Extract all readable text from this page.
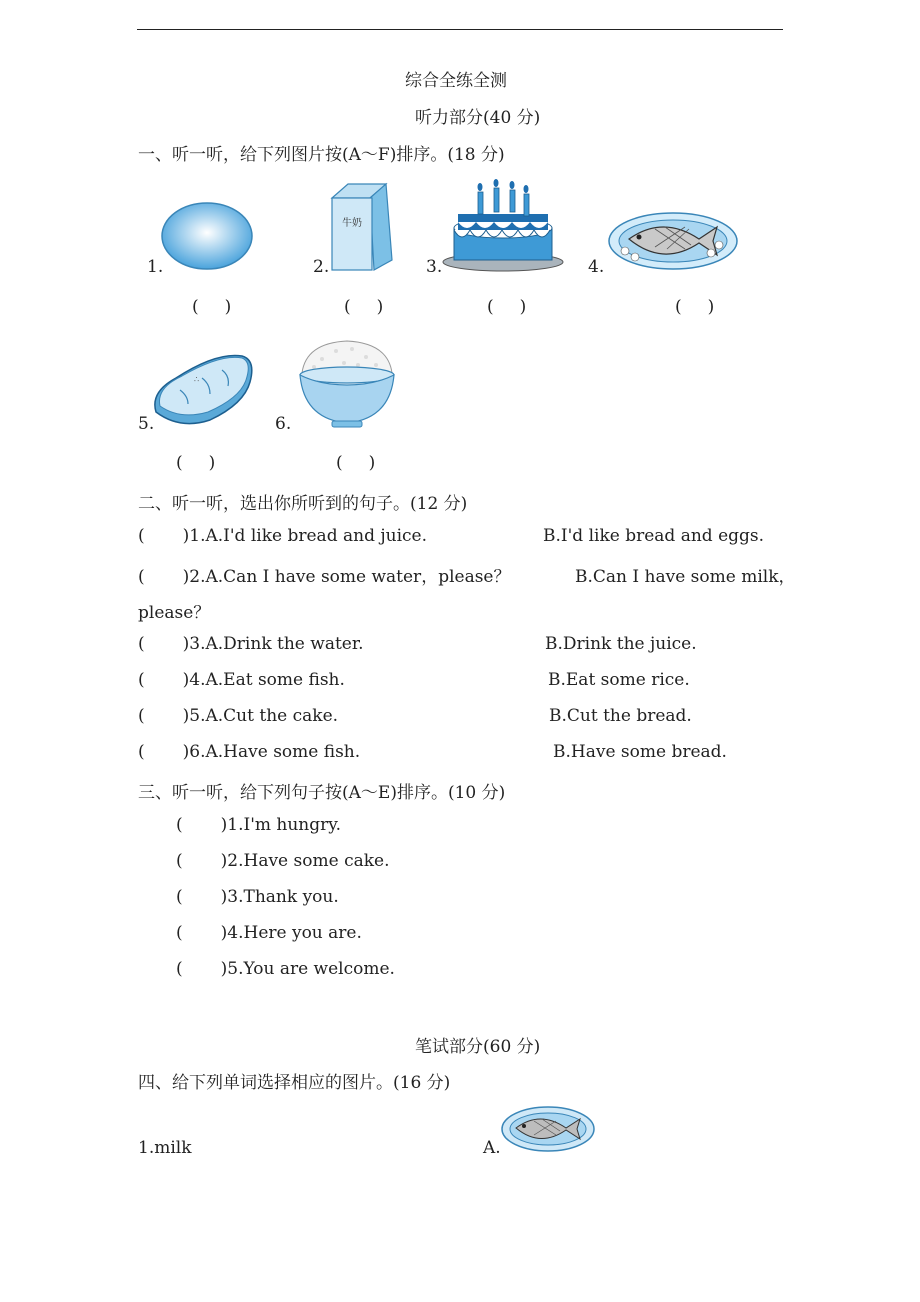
综合全练全测
听力部分(40 分)
一、听一听，给下列图片按(A～F)排序。(18 分)
1.
( )
2.
牛奶
( )
3.
( )
4.
( )
5.
∴
( )
6.
( )
二、听一听，选出你所听到的句子。(12 分)
( )1.A.I'd like bread and juice.	B.I'd like bread and eggs.
( )2.A.Can I have some water，please？	B.Can I have some milk，
please？
( )3.A.Drink the water.	B.Drink the juice.
( )4.A.Eat some fish.	B.Eat some rice.
( )5.A.Cut the cake.	B.Cut the bread.
( )6.A.Have some fish.	B.Have some bread.
三、听一听，给下列句子按(A～E)排序。(10 分)
( )1.I'm hungry.
( )2.Have some cake.
( )3.Thank you.
( )4.Here you are.
( )5.You are welcome.
笔试部分(60 分)
四、给下列单词选择相应的图片。(16 分)
1.milk	A.
